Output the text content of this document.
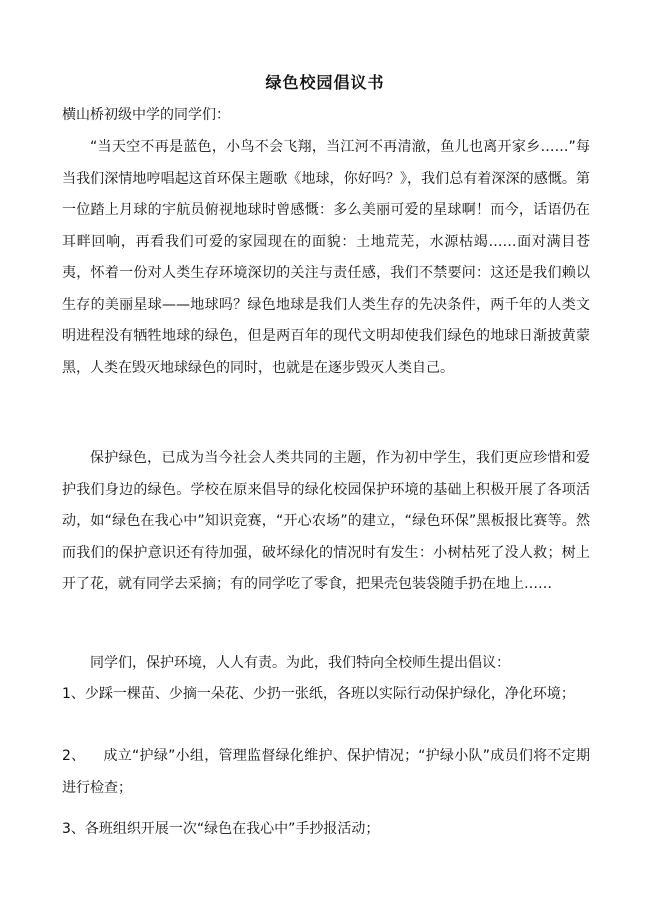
绿色校园倡议书
横山桥初级中学的同学们：

“当天空不再是蓝色，小鸟不会飞翔，当江河不再清澈，鱼儿也离开家乡……”每当我们深情地哼唱起这首环保主题歌《地球，你好吗？》，我们总有着深深的感慨。第一位踏上月球的宇航员俯视地球时曾感慨：多么美丽可爱的星球啊！而今，话语仍在耳畔回响，再看我们可爱的家园现在的面貌：土地荒芜，水源枯竭……面对满目苍夷，怀着一份对人类生存环境深切的关注与责任感，我们不禁要问：这还是我们赖以生存的美丽星球——地球吗？绿色地球是我们人类生存的先决条件，两千年的人类文明进程没有牺牲地球的绿色，但是两百年的现代文明却使我们绿色的地球日渐披黄蒙黑，人类在毁灭地球绿色的同时，也就是在逐步毁灭人类自己。

保护绿色，已成为当今社会人类共同的主题，作为初中学生，我们更应珍惜和爱护我们身边的绿色。学校在原来倡导的绿化校园保护环境的基础上积极开展了各项活动，如“绿色在我心中”知识竞赛，“开心农场”的建立，“绿色环保”黑板报比赛等。然而我们的保护意识还有待加强，破坏绿化的情况时有发生：小树枯死了没人救；树上开了花，就有同学去采摘；有的同学吃了零食，把果壳包装袋随手扔在地上……

同学们，保护环境，人人有责。为此，我们特向全校师生提出倡议：

1、少踩一棵苗、少摘一朵花、少扔一张纸，各班以实际行动保护绿化，净化环境；
2、 成立“护绿”小组，管理监督绿化维护、保护情况；“护绿小队”成员们将不定期进行检查；
3、各班组织开展一次“绿色在我心中”手抄报活动；
